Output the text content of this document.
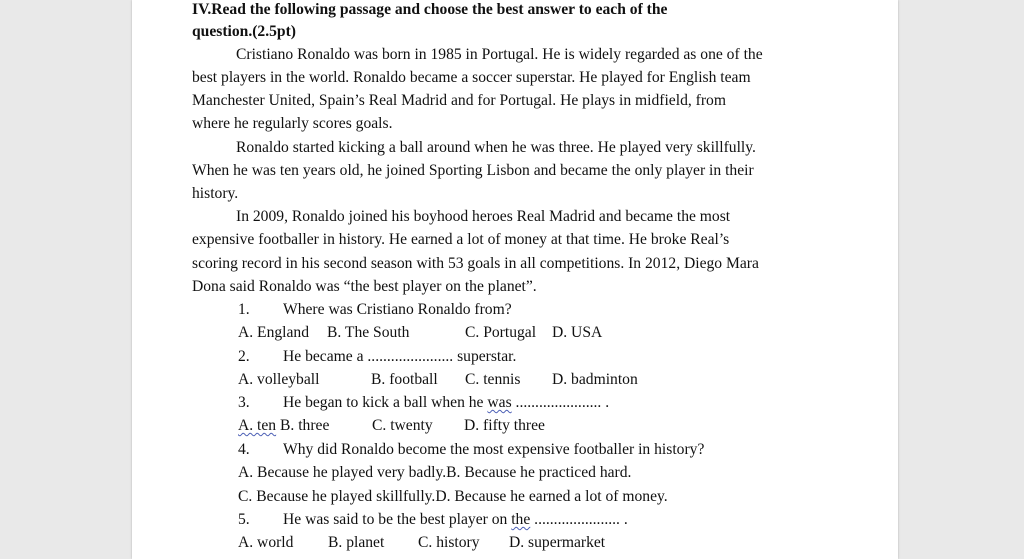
IV.Read the following passage and choose the best answer to each of the
question.(2.5pt)
Cristiano Ronaldo was born in 1985 in Portugal. He is widely regarded as one of the
best players in the world. Ronaldo became a soccer superstar. He played for English team
Manchester United, Spain’s Real Madrid and for Portugal. He plays in midfield, from
where he regularly scores goals.
Ronaldo started kicking a ball around when he was three. He played very skillfully.
When he was ten years old, he joined Sporting Lisbon and became the only player in their
history.
In 2009, Ronaldo joined his boyhood heroes Real Madrid and became the most
expensive footballer in history. He earned a lot of money at that time. He broke Real’s
scoring record in his second season with 53 goals in all competitions. In 2012, Diego Mara
Dona said Ronaldo was “the best player on the planet”.
1. Where was Cristiano Ronaldo from?
A. England B. The South	C. Portugal D. USA
2. He became a ...................... superstar.
A. volleyball	B. football C. tennis D. badminton
3. He began to kick a ball when he was ...................... .
A. ten B. three	C. twenty D. fifty three
4. Why did Ronaldo become the most expensive footballer in history?
A. Because he played very badly.B. Because he practiced hard.
C. Because he played skillfully.D. Because he earned a lot of money.
5. He was said to be the best player on the ...................... .
A. world B. planet C. history D. supermarket
